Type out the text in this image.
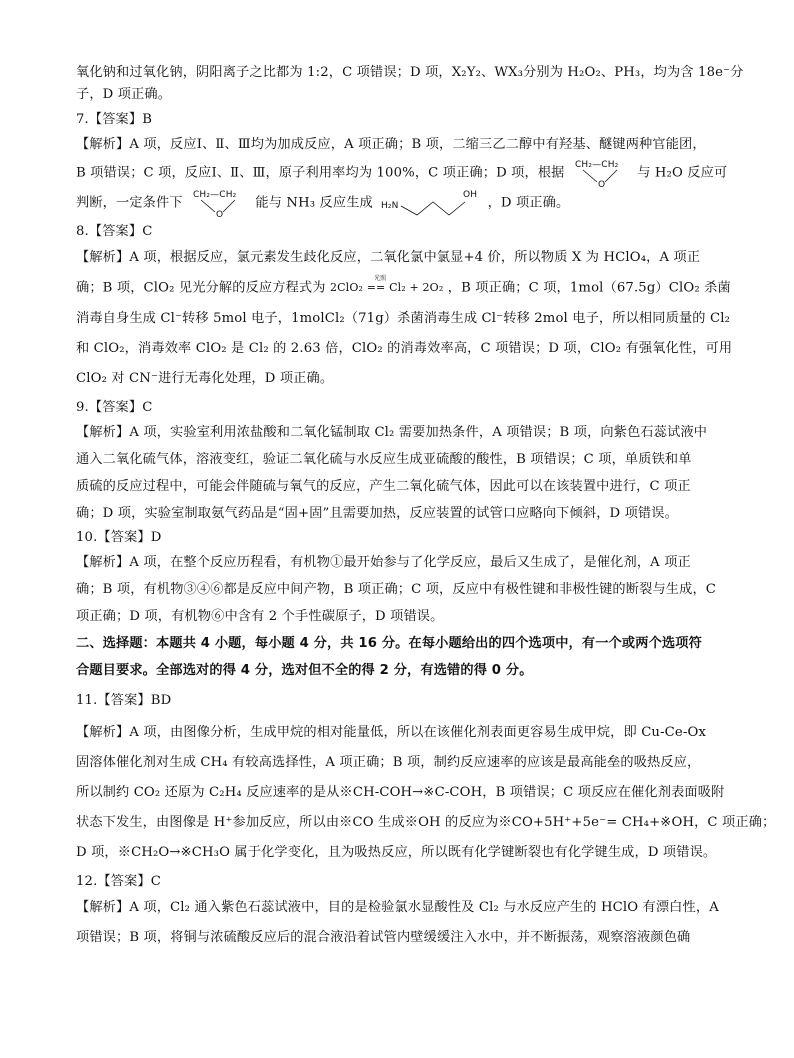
氧化钠和过氧化钠，阴阳离子之比都为 1:2，C 项错误；D 项，X₂Y₂、WX₃分别为 H₂O₂、PH₃，均为含 18e⁻分
子，D 项正确。
7.【答案】B
【解析】A 项，反应Ⅰ、Ⅱ、Ⅲ均为加成反应，A 项正确；B 项，二缩三乙二醇中有羟基、醚键两种官能团，
B 项错误；C 项，反应Ⅰ、Ⅱ、Ⅲ，原子利用率均为 100%，C 项正确；D 项，根据
CH₂—CH₂
O
与 H₂O 反应可
判断，一定条件下
CH₂—CH₂
O
能与 NH₃ 反应生成 H₂N
OH
，D 项正确。
8.【答案】C
【解析】A 项，根据反应，氯元素发生歧化反应，二氧化氯中氯显+4 价，所以物质 X 为 HClO₄，A 项正
确；B 项，ClO₂ 见光分解的反应方程式为
光照
2ClO₂ == Cl₂ + 2O₂ ，B 项正确；C 项，1mol（67.5g）ClO₂ 杀菌
消毒自身生成 Cl⁻转移 5mol 电子，1molCl₂（71g）杀菌消毒生成 Cl⁻转移 2mol 电子，所以相同质量的 Cl₂
和 ClO₂，消毒效率 ClO₂ 是 Cl₂ 的 2.63 倍，ClO₂ 的消毒效率高，C 项错误；D 项，ClO₂ 有强氧化性，可用
ClO₂ 对 CN⁻进行无毒化处理，D 项正确。
9.【答案】C
【解析】A 项，实验室利用浓盐酸和二氧化锰制取 Cl₂ 需要加热条件，A 项错误；B 项，向紫色石蕊试液中
通入二氧化硫气体，溶液变红，验证二氧化硫与水反应生成亚硫酸的酸性，B 项错误；C 项，单质铁和单
质硫的反应过程中，可能会伴随硫与氧气的反应，产生二氧化硫气体，因此可以在该装置中进行，C 项正
确；D 项，实验室制取氨气药品是“固+固”且需要加热，反应装置的试管口应略向下倾斜，D 项错误。
10.【答案】D
【解析】A 项，在整个反应历程看，有机物①最开始参与了化学反应，最后又生成了，是催化剂，A 项正
确；B 项，有机物③④⑥都是反应中间产物，B 项正确；C 项，反应中有极性键和非极性键的断裂与生成，C
项正确；D 项，有机物⑥中含有 2 个手性碳原子，D 项错误。
二、选择题：本题共 4 小题，每小题 4 分，共 16 分。在每小题给出的四个选项中，有一个或两个选项符
合题目要求。全部选对的得 4 分，选对但不全的得 2 分，有选错的得 0 分。
11.【答案】BD
【解析】A 项，由图像分析，生成甲烷的相对能量低，所以在该催化剂表面更容易生成甲烷，即 Cu-Ce-Ox
固溶体催化剂对生成 CH₄ 有较高选择性，A 项正确；B 项，制约反应速率的应该是最高能垒的吸热反应，
所以制约 CO₂ 还原为 C₂H₄ 反应速率的是从※CH-COH→※C-COH，B 项错误；C 项反应在催化剂表面吸附
状态下发生，由图像是 H⁺参加反应，所以由※CO 生成※OH 的反应为※CO+5H⁺+5e⁻= CH₄+※OH，C 项正确；
D 项，※CH₂O→※CH₃O 属于化学变化，且为吸热反应，所以既有化学键断裂也有化学键生成，D 项错误。
12.【答案】C
【解析】A 项，Cl₂ 通入紫色石蕊试液中，目的是检验氯水显酸性及 Cl₂ 与水反应产生的 HClO 有漂白性，A
项错误；B 项，将铜与浓硫酸反应后的混合液沿着试管内壁缓缓注入水中，并不断振荡，观察溶液颜色确
